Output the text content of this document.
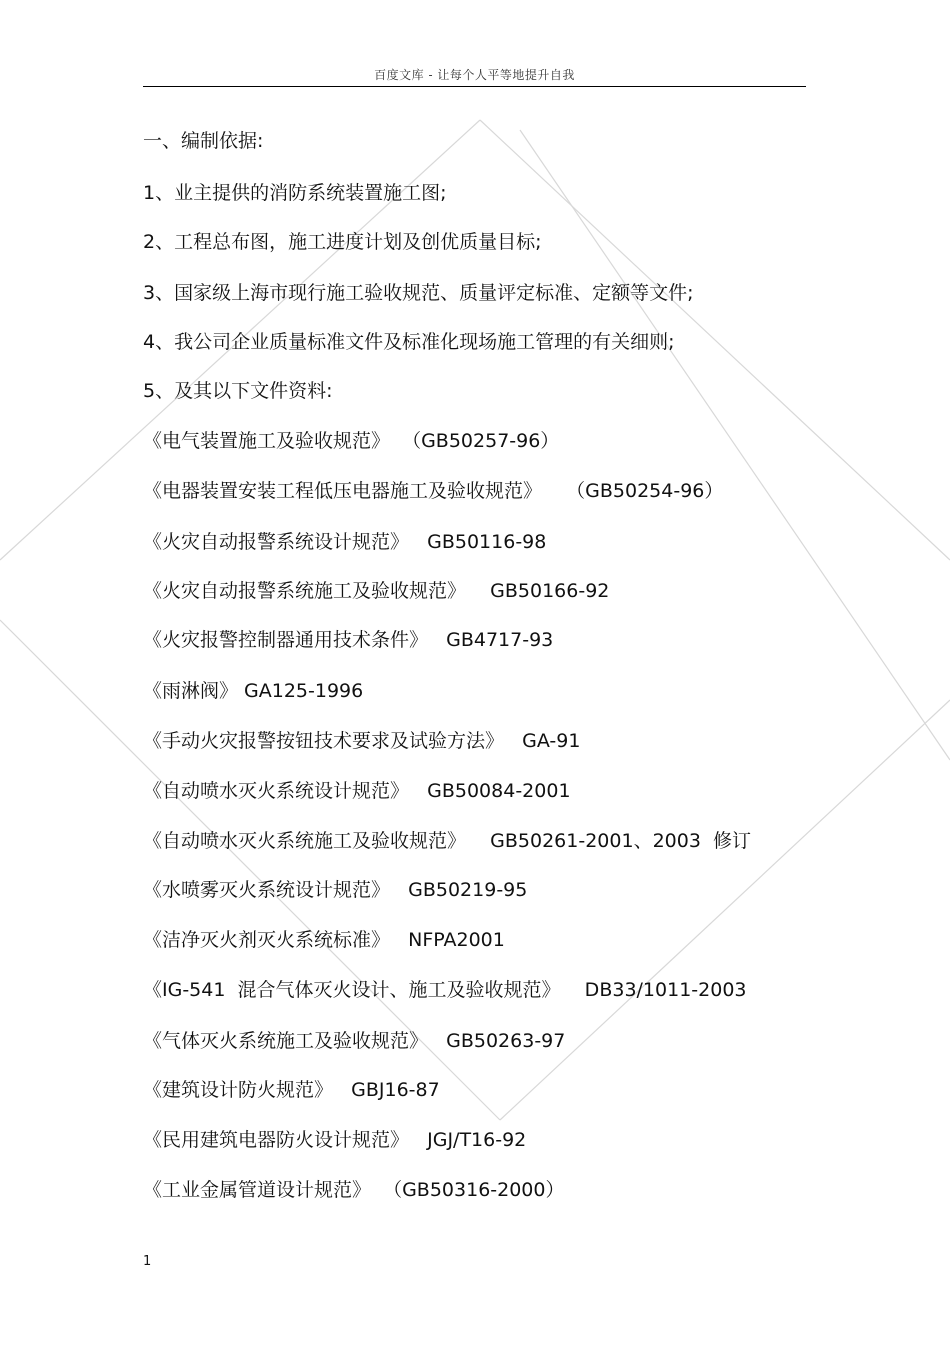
百度文库 - 让每个人平等地提升自我
一、编制依据:
1、业主提供的消防系统装置施工图;
2、工程总布图，施工进度计划及创优质量目标;
3、国家级上海市现行施工验收规范、质量评定标准、定额等文件;
4、我公司企业质量标准文件及标准化现场施工管理的有关细则;
5、及其以下文件资料:
《电气装置施工及验收规范》  （GB50257-96）
《电器装置安装工程低压电器施工及验收规范》    （GB50254-96）
《火灾自动报警系统设计规范》   GB50116-98
《火灾自动报警系统施工及验收规范》    GB50166-92
《火灾报警控制器通用技术条件》   GB4717-93
《雨淋阀》 GA125-1996
《手动火灾报警按钮技术要求及试验方法》   GA-91
《自动喷水灭火系统设计规范》   GB50084-2001
《自动喷水灭火系统施工及验收规范》    GB50261-2001、2003  修订
《水喷雾灭火系统设计规范》   GB50219-95
《洁净灭火剂灭火系统标准》   NFPA2001
《IG-541  混合气体灭火设计、施工及验收规范》    DB33/1011-2003
《气体灭火系统施工及验收规范》   GB50263-97
《建筑设计防火规范》   GBJ16-87
《民用建筑电器防火设计规范》   JGJ/T16-92
《工业金属管道设计规范》  （GB50316-2000）
1
